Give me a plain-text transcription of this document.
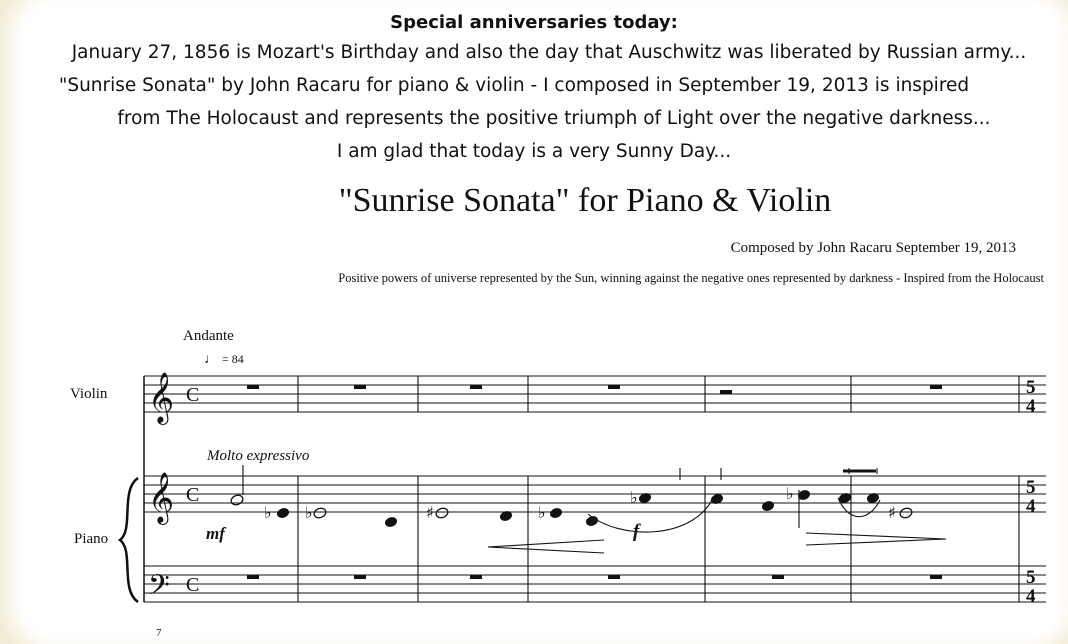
Special anniversaries today:
January 27, 1856 is Mozart's Birthday and also the day that Auschwitz was liberated by Russian army...
"Sunrise Sonata" by John Racaru for piano & violin - I composed in September 19, 2013 is inspired
from The Holocaust and represents the positive triumph of Light over the negative darkness...
I am glad that today is a very Sunny Day...
"Sunrise Sonata" for Piano & Violin
Composed by John Racaru September 19, 2013
Positive powers of universe represented by the Sun, winning against the negative ones represented by darkness - Inspired from the Holocaust
Andante
♩ = 84
Violin
Piano
Molto expressivo
mf	f
𝄞
𝄞
𝄢
C
C
C
5
4
5
4
5
4
♭ ♭	♯	♭
♭	♭
♯
7
